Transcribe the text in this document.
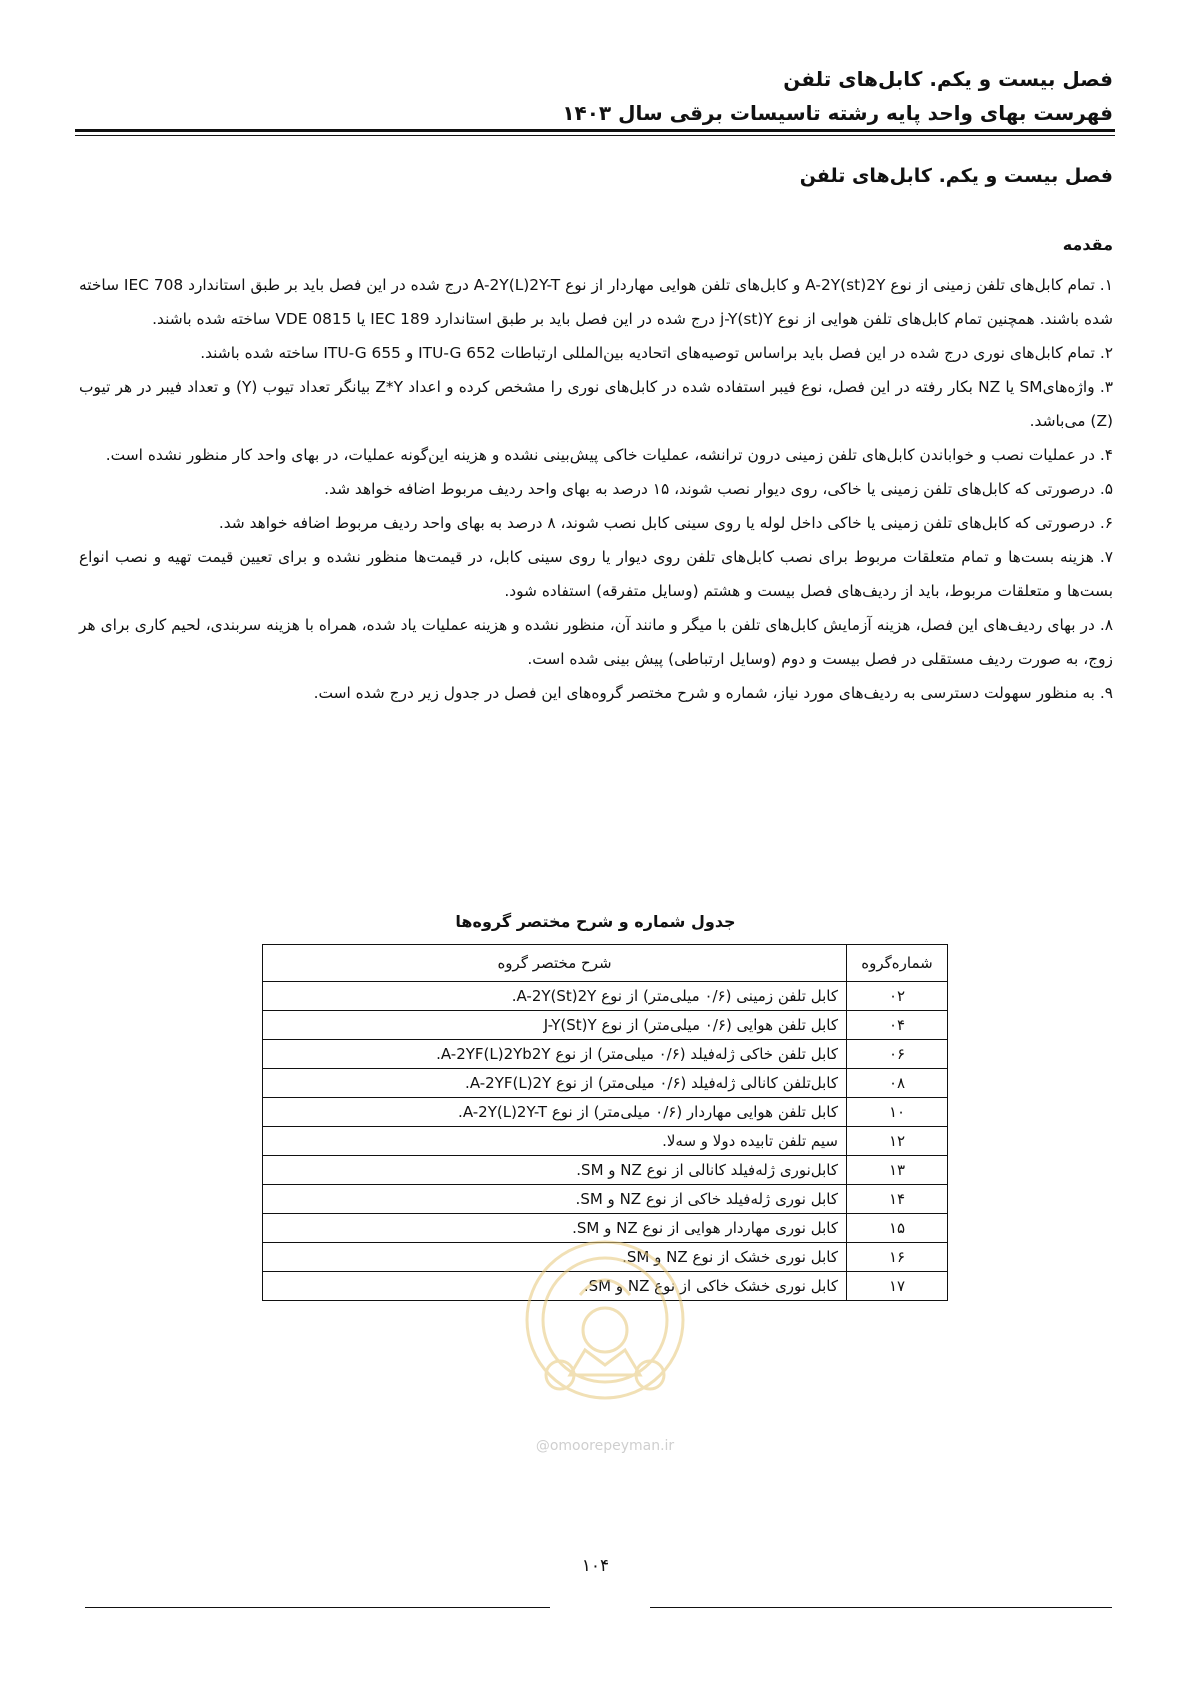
فصل بیست و یکم. کابل‌های تلفن
فهرست بهای واحد پایه رشته تاسیسات برقی سال ۱۴۰۳
فصل بیست و یکم. کابل‌های تلفن
مقدمه

۱. تمام کابل‌های تلفن زمینی از نوع A-2Y(st)2Y و کابل‌های تلفن هوایی مهاردار از نوع A-2Y(L)2Y-T درج شده در این فصل باید بر طبق استاندارد IEC 708 ساخته شده باشند. همچنین تمام کابل‌های تلفن هوایی از نوع j-Y(st)Y درج شده در این فصل باید بر طبق استاندارد IEC 189 یا VDE 0815 ساخته شده باشند.

۲. تمام کابل‌های نوری درج شده در این فصل باید براساس توصیه‌های اتحادیه بین‌المللی ارتباطات ITU-G 652 و ITU-G 655 ساخته شده باشند.

۳. واژه‌هایSM یا NZ بکار رفته در این فصل، نوع فیبر استفاده شده در کابل‌های نوری را مشخص کرده و اعداد Z*Y بیانگر تعداد تیوب (Y) و تعداد فیبر در هر تیوب (Z) می‌باشد.

۴. در عملیات نصب و خواباندن کابل‌های تلفن زمینی درون ترانشه، عملیات خاکی پیش‌بینی نشده و هزینه این‌گونه عملیات، در بهای واحد کار منظور نشده است.

۵. درصورتی که کابل‌های تلفن زمینی یا خاکی، روی دیوار نصب شوند، ۱۵ درصد به بهای واحد ردیف مربوط اضافه خواهد شد.

۶. درصورتی که کابل‌های تلفن زمینی یا خاکی داخل لوله یا روی سینی کابل نصب شوند، ۸ درصد به بهای واحد ردیف مربوط اضافه خواهد شد.

۷. هزینه بست‌ها و تمام متعلقات مربوط برای نصب کابل‌های تلفن روی دیوار یا روی سینی کابل، در قیمت‌ها منظور نشده و برای تعیین قیمت تهیه و نصب انواع بست‌ها و متعلقات مربوط، باید از ردیف‌های فصل بیست و هشتم (وسایل متفرقه) استفاده شود.

۸. در بهای ردیف‌های این فصل، هزینه آزمایش کابل‌های تلفن با میگر و مانند آن، منظور نشده و هزینه عملیات یاد شده، همراه با هزینه سربندی، لحیم کاری برای هر زوج، به صورت ردیف مستقلی در فصل بیست و دوم (وسایل ارتباطی) پیش بینی شده است.

۹. به منظور سهولت دسترسی به ردیف‌های مورد نیاز، شماره و شرح مختصر گروه‌های این فصل در جدول زیر درج شده است.

جدول شماره و شرح مختصر گروه‌ها
شماره‌گروه	شرح مختصر گروه
۰۲	کابل تلفن زمینی (۰/۶ میلی‌متر) از نوع A-2Y(St)2Y.
۰۴	کابل تلفن هوایی (۰/۶ میلی‌متر) از نوع J-Y(St)Y
۰۶	کابل تلفن خاکی ژله‌فیلد (۰/۶ میلی‌متر) از نوع A-2YF(L)2Yb2Y.
۰۸	کابل‌تلفن کانالی ژله‌فیلد (۰/۶ میلی‌متر) از نوع A-2YF(L)2Y.
۱۰	کابل تلفن هوایی مهاردار (۰/۶ میلی‌متر) از نوع A-2Y(L)2Y-T.
۱۲	سیم تلفن تابیده دولا و سه‌لا.
۱۳	کابل‌نوری ژله‌فیلد کانالی از نوع NZ و SM.
۱۴	کابل نوری ژله‌فیلد خاکی از نوع NZ و SM.
۱۵	کابل نوری مهاردار هوایی از نوع NZ و SM.
۱۶	کابل نوری خشک از نوع NZ و SM.
۱۷	کابل نوری خشک خاکی از نوع NZ و SM.
@omoorepeyman.ir
۱۰۴
